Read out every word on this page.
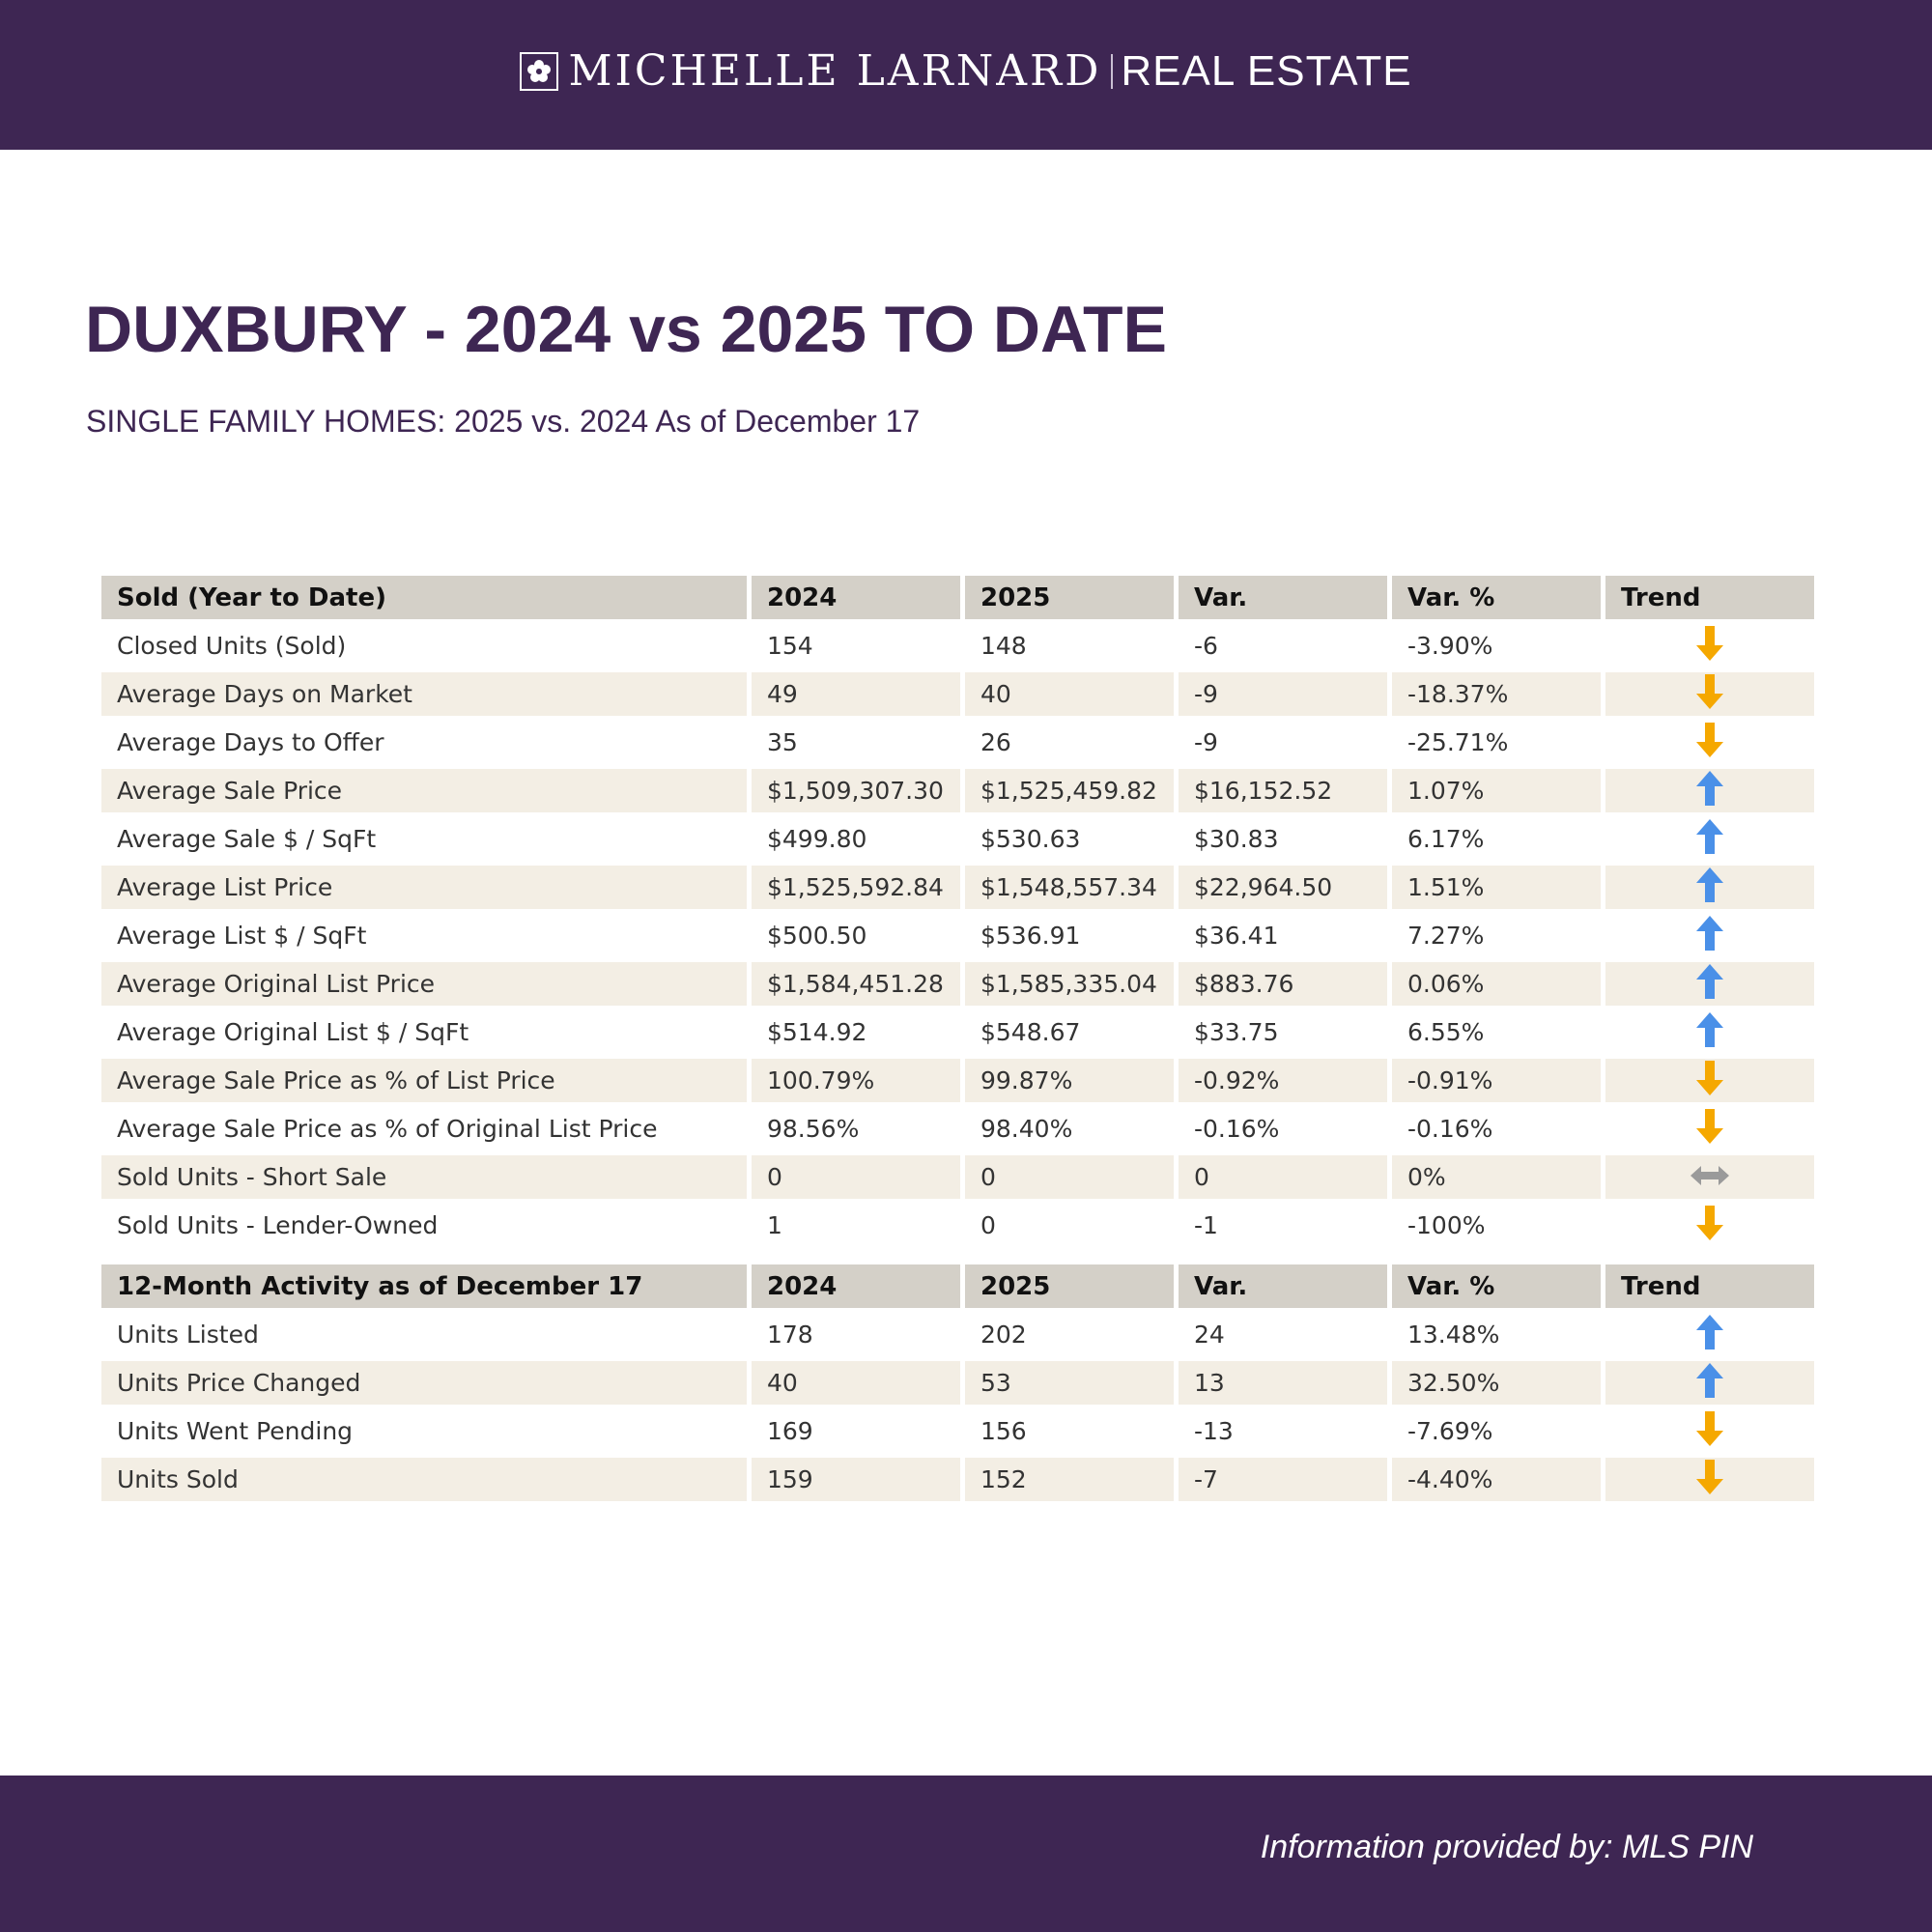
MICHELLE LARNARD REAL ESTATE
DUXBURY - 2024 vs 2025 TO DATE
SINGLE FAMILY HOMES: 2025 vs. 2024 As of December 17
Sold (Year to Date)	2024	2025	Var.	Var. %	Trend
Closed Units (Sold)	154	148	-6	-3.90%	
Average Days on Market	49	40	-9	-18.37%	
Average Days to Offer	35	26	-9	-25.71%	
Average Sale Price	$1,509,307.30	$1,525,459.82	$16,152.52	1.07%	
Average Sale $ / SqFt	$499.80	$530.63	$30.83	6.17%	
Average List Price	$1,525,592.84	$1,548,557.34	$22,964.50	1.51%	
Average List $ / SqFt	$500.50	$536.91	$36.41	7.27%	
Average Original List Price	$1,584,451.28	$1,585,335.04	$883.76	0.06%	
Average Original List $ / SqFt	$514.92	$548.67	$33.75	6.55%	
Average Sale Price as % of List Price	100.79%	99.87%	-0.92%	-0.91%	
Average Sale Price as % of Original List Price	98.56%	98.40%	-0.16%	-0.16%	
Sold Units - Short Sale	0	0	0	0%	
Sold Units - Lender-Owned	1	0	-1	-100%	

12-Month Activity as of December 17	2024	2025	Var.	Var. %	Trend
Units Listed	178	202	24	13.48%	
Units Price Changed	40	53	13	32.50%	
Units Went Pending	169	156	-13	-7.69%	
Units Sold	159	152	-7	-4.40%	
Information provided by: MLS PIN
